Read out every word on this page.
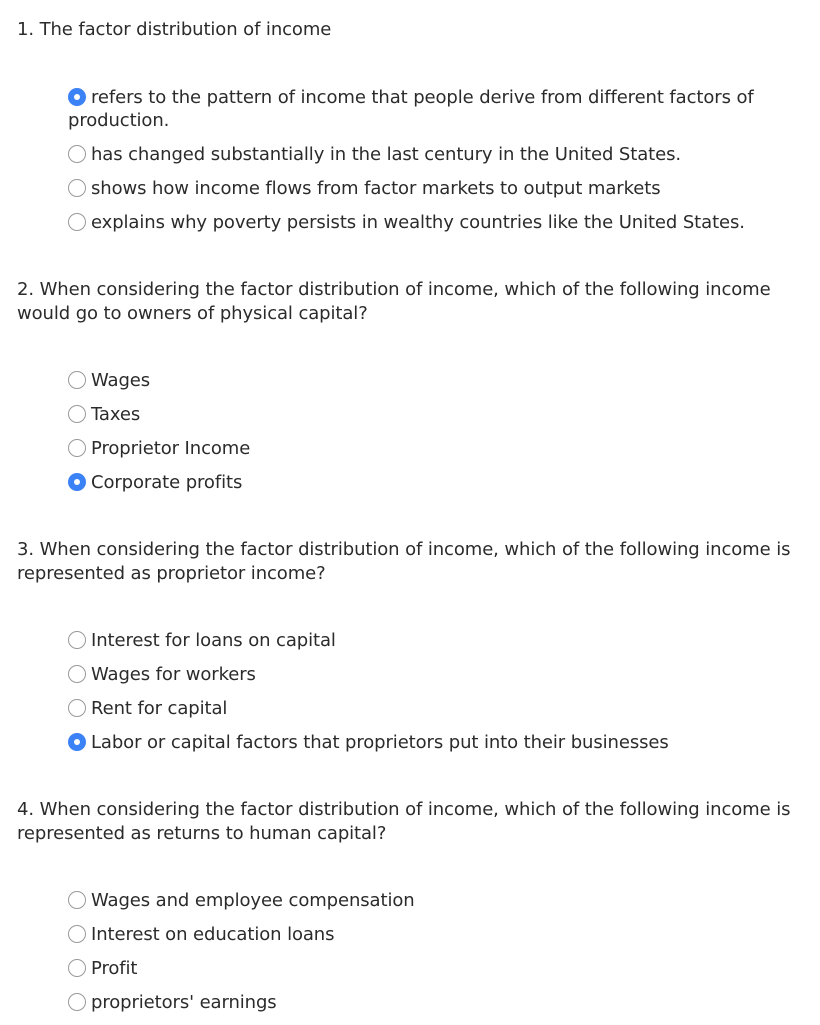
1. The factor distribution of income

refers to the pattern of income that people derive from different factors of production.
has changed substantially in the last century in the United States.
shows how income flows from factor markets to output markets
explains why poverty persists in wealthy countries like the United States.

2. When considering the factor distribution of income, which of the following income would go to owners of physical capital?

Wages
Taxes
Proprietor Income
Corporate profits

3. When considering the factor distribution of income, which of the following income is represented as proprietor income?

Interest for loans on capital
Wages for workers
Rent for capital
Labor or capital factors that proprietors put into their businesses

4. When considering the factor distribution of income, which of the following income is represented as returns to human capital?

Wages and employee compensation
Interest on education loans
Profit
proprietors' earnings
